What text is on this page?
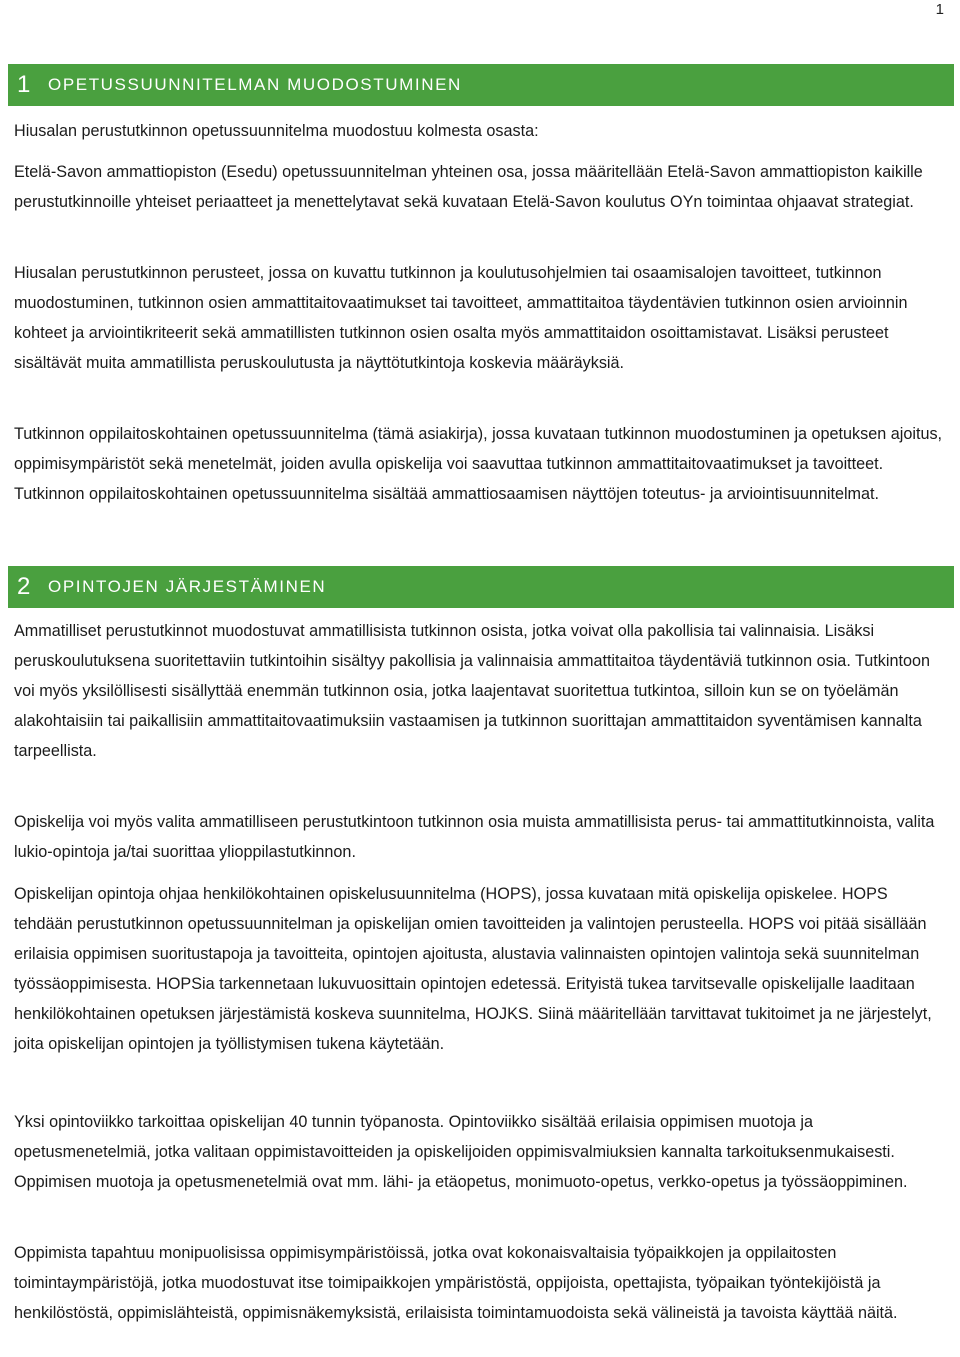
1
1	OPETUSSUUNNITELMAN MUODOSTUMINEN

Hiusalan perustutkinnon opetussuunnitelma muodostuu kolmesta osasta:

Etelä-Savon ammattiopiston (Esedu) opetussuunnitelman yhteinen osa, jossa määritellään Etelä-Savon ammattiopiston kaikille perustutkinnoille yhteiset periaatteet ja menettelytavat sekä kuvataan Etelä-Savon koulutus OYn toimintaa ohjaavat strategiat.

Hiusalan perustutkinnon perusteet, jossa on kuvattu tutkinnon ja koulutusohjelmien tai osaamisalojen tavoitteet, tutkinnon muodostuminen, tutkinnon osien ammattitaitovaatimukset tai tavoitteet, ammattitaitoa täydentävien tutkinnon osien arvioinnin kohteet ja arviointikriteerit sekä ammatillisten tutkinnon osien osalta myös ammattitaidon osoittamistavat. Lisäksi perusteet sisältävät muita ammatillista peruskoulutusta ja näyttötutkintoja koskevia määräyksiä.

Tutkinnon oppilaitoskohtainen opetussuunnitelma (tämä asiakirja), jossa kuvataan tutkinnon muodostuminen ja opetuksen ajoitus, oppimisympäristöt sekä menetelmät, joiden avulla opiskelija voi saavuttaa tutkinnon ammattitaitovaatimukset ja tavoitteet. Tutkinnon oppilaitoskohtainen opetussuunnitelma sisältää ammattiosaamisen näyttöjen toteutus- ja arviointisuunnitelmat.

2	OPINTOJEN JÄRJESTÄMINEN

Ammatilliset perustutkinnot muodostuvat ammatillisista tutkinnon osista, jotka voivat olla pakollisia tai valinnaisia. Lisäksi peruskoulutuksena suoritettaviin tutkintoihin sisältyy pakollisia ja valinnaisia ammattitaitoa täydentäviä tutkinnon osia. Tutkintoon voi myös yksilöllisesti sisällyttää enemmän tutkinnon osia, jotka laajentavat suoritettua tutkintoa, silloin kun se on työelämän alakohtaisiin tai paikallisiin ammattitaitovaatimuksiin vastaamisen ja tutkinnon suorittajan ammattitaidon syventämisen kannalta tarpeellista.

Opiskelija voi myös valita ammatilliseen perustutkintoon tutkinnon osia muista ammatillisista perus- tai ammattitutkinnoista, valita lukio-opintoja ja/tai suorittaa ylioppilastutkinnon.

Opiskelijan opintoja ohjaa henkilökohtainen opiskelusuunnitelma (HOPS), jossa kuvataan mitä opiskelija opiskelee. HOPS tehdään perustutkinnon opetussuunnitelman ja opiskelijan omien tavoitteiden ja valintojen perusteella. HOPS voi pitää sisällään erilaisia oppimisen suoritustapoja ja tavoitteita, opintojen ajoitusta, alustavia valinnaisten opintojen valintoja sekä suunnitelman työssäoppimisesta. HOPSia tarkennetaan lukuvuosittain opintojen edetessä. Erityistä tukea tarvitsevalle opiskelijalle laaditaan henkilökohtainen opetuksen järjestämistä koskeva suunnitelma, HOJKS. Siinä määritellään tarvittavat tukitoimet ja ne järjestelyt, joita opiskelijan opintojen ja työllistymisen tukena käytetään.

Yksi opintoviikko tarkoittaa opiskelijan 40 tunnin työpanosta. Opintoviikko sisältää erilaisia oppimisen muotoja ja opetusmenetelmiä, jotka valitaan oppimistavoitteiden ja opiskelijoiden oppimisvalmiuksien kannalta tarkoituksenmukaisesti. Oppimisen muotoja ja opetusmenetelmiä ovat mm. lähi- ja etäopetus, monimuoto-opetus, verkko-opetus ja työssäoppiminen.

Oppimista tapahtuu monipuolisissa oppimisympäristöissä, jotka ovat kokonaisvaltaisia työpaikkojen ja oppilaitosten toimintaympäristöjä, jotka muodostuvat itse toimipaikkojen ympäristöstä, oppijoista, opettajista, työpaikan työntekijöistä ja henkilöstöstä, oppimislähteistä, oppimisnäkemyksistä, erilaisista toimintamuodoista sekä välineistä ja tavoista käyttää näitä.
